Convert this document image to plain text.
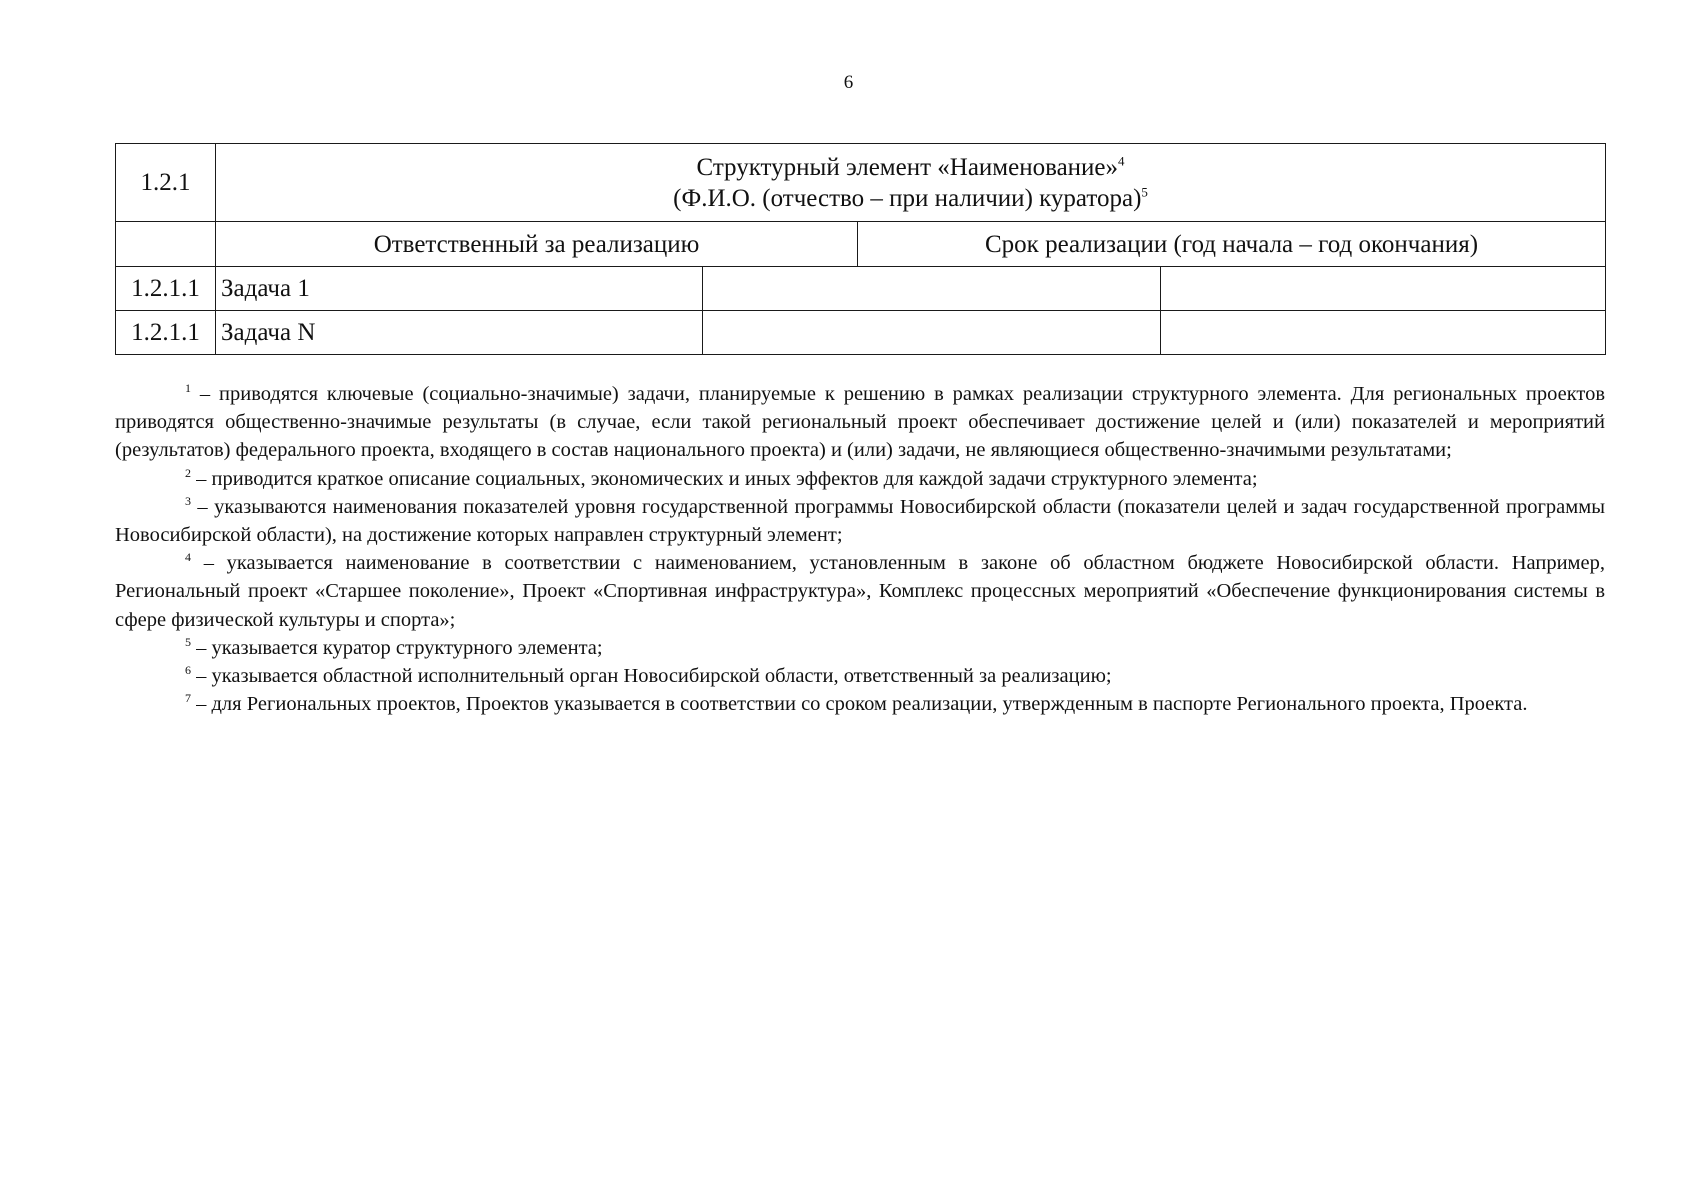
6
1.2.1	Структурный элемент «Наименование»$^4$
(Ф.И.О. (отчество – при наличии) куратора)$^5$

	Ответственный за реализацию		Срок реализации (год начала – год окончания)	
1.2.1.1	Задача 1			
1.2.1.1	Задача N			

$^1$ – приводятся ключевые (социально-значимые) задачи, планируемые к решению в рамках реализации структурного элемента. Для региональных проектов приводятся общественно-значимые результаты (в случае, если такой региональный проект обеспечивает достижение целей и (или) показателей и мероприятий (результатов) федерального проекта, входящего в состав национального проекта) и (или) задачи, не являющиеся общественно-значимыми результатами;

$^2$ – приводится краткое описание социальных, экономических и иных эффектов для каждой задачи структурного элемента;

$^3$ – указываются наименования показателей уровня государственной программы Новосибирской области (показатели целей и задач государственной программы Новосибирской области), на достижение которых направлен структурный элемент;

$^4$ – указывается наименование в соответствии с наименованием, установленным в законе об областном бюджете Новосибирской области. Например, Региональный проект «Старшее поколение», Проект «Спортивная инфраструктура», Комплекс процессных мероприятий «Обеспечение функционирования системы в сфере физической культуры и спорта»;

$^5$ – указывается куратор структурного элемента;

$^6$ – указывается областной исполнительный орган Новосибирской области, ответственный за реализацию;

$^7$ – для Региональных проектов, Проектов указывается в соответствии со сроком реализации, утвержденным в паспорте Регионального проекта, Проекта.
